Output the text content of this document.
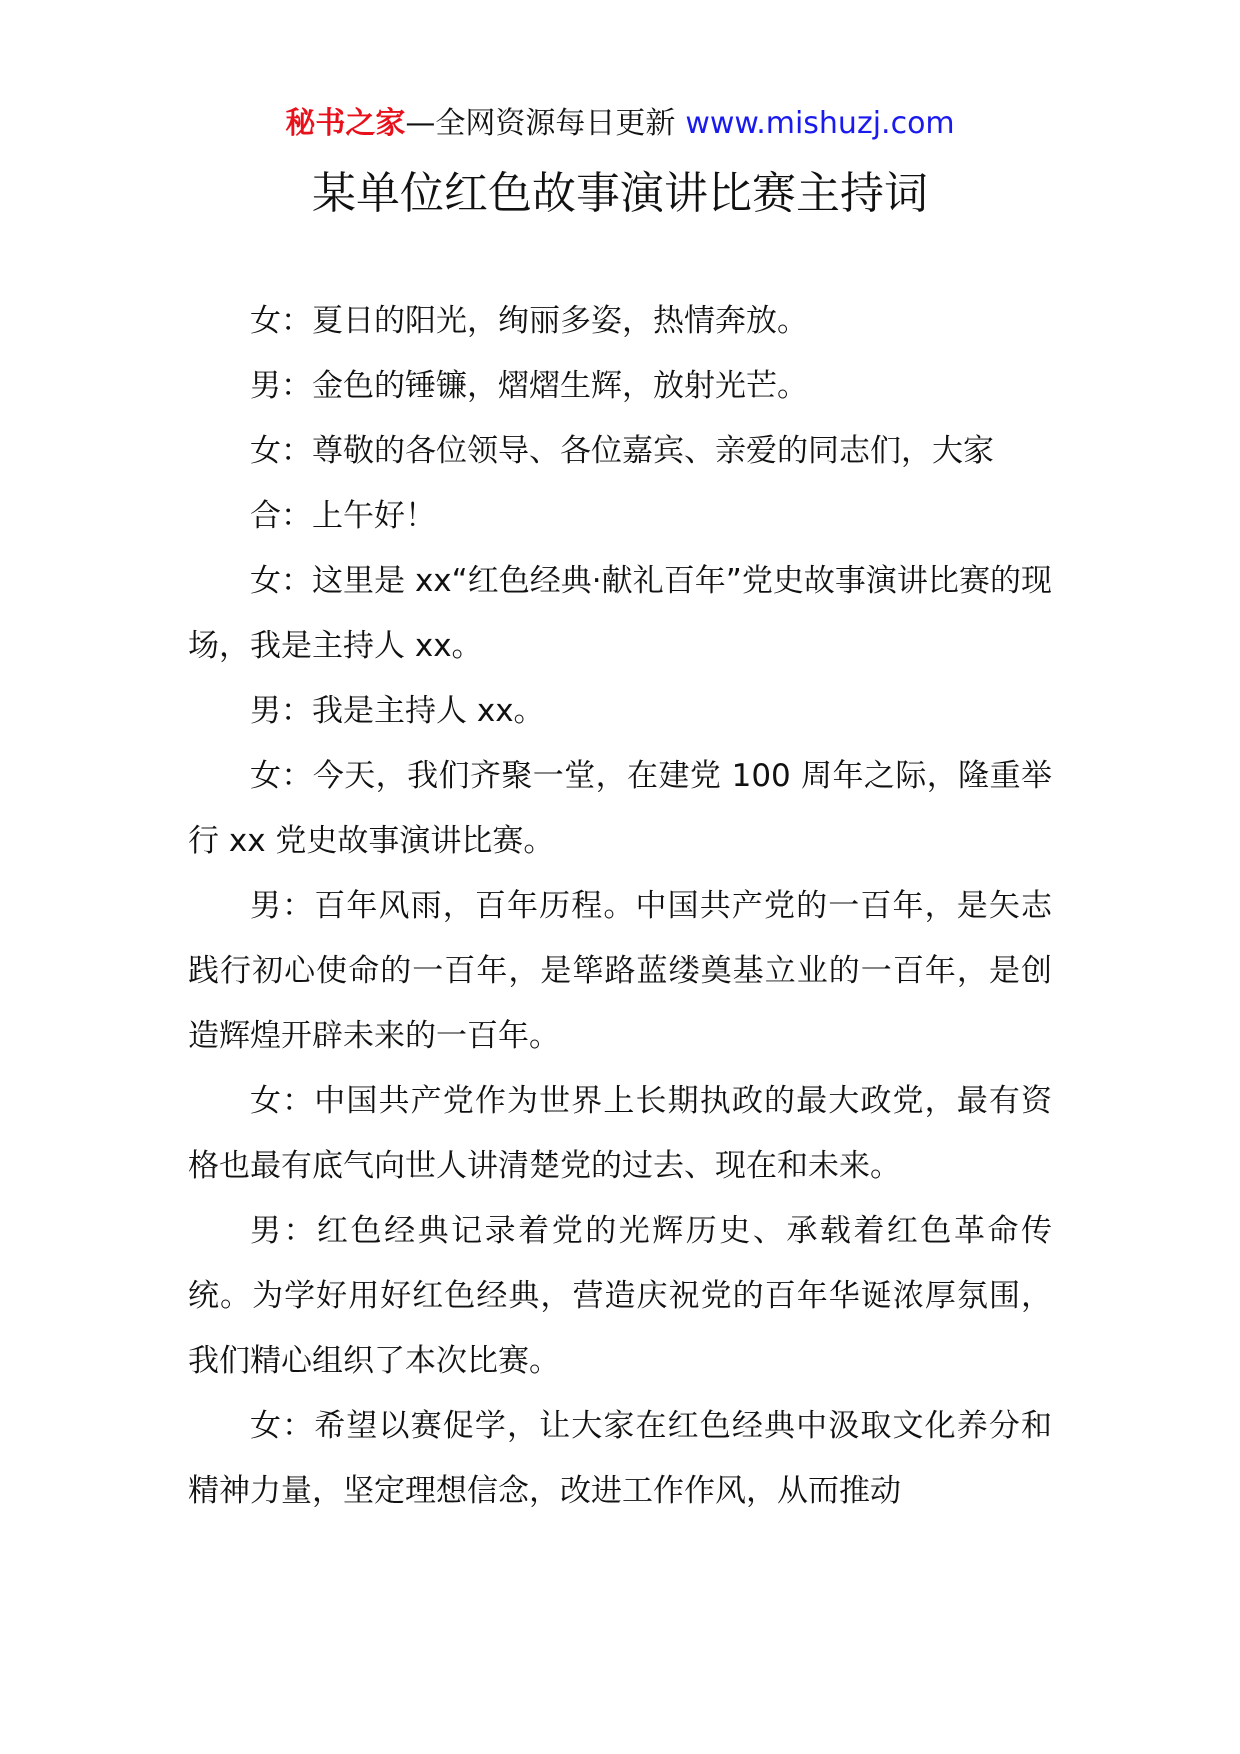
秘书之家—全网资源每日更新 www.mishuzj.com
某单位红色故事演讲比赛主持词

女：夏日的阳光，绚丽多姿，热情奔放。

男：金色的锤镰，熠熠生辉，放射光芒。

女：尊敬的各位领导、各位嘉宾、亲爱的同志们，大家

合：上午好！

女：这里是 xx“红色经典·献礼百年”党史故事演讲比赛的现场，我是主持人 xx。

男：我是主持人 xx。

女：今天，我们齐聚一堂，在建党 100 周年之际，隆重举行 xx 党史故事演讲比赛。

男：百年风雨，百年历程。中国共产党的一百年，是矢志践行初心使命的一百年，是筚路蓝缕奠基立业的一百年，是创造辉煌开辟未来的一百年。

女：中国共产党作为世界上长期执政的最大政党，最有资格也最有底气向世人讲清楚党的过去、现在和未来。

男：红色经典记录着党的光辉历史、承载着红色革命传统。为学好用好红色经典，营造庆祝党的百年华诞浓厚氛围，我们精心组织了本次比赛。

女：希望以赛促学，让大家在红色经典中汲取文化养分和精神力量，坚定理想信念，改进工作作风，从而推动
